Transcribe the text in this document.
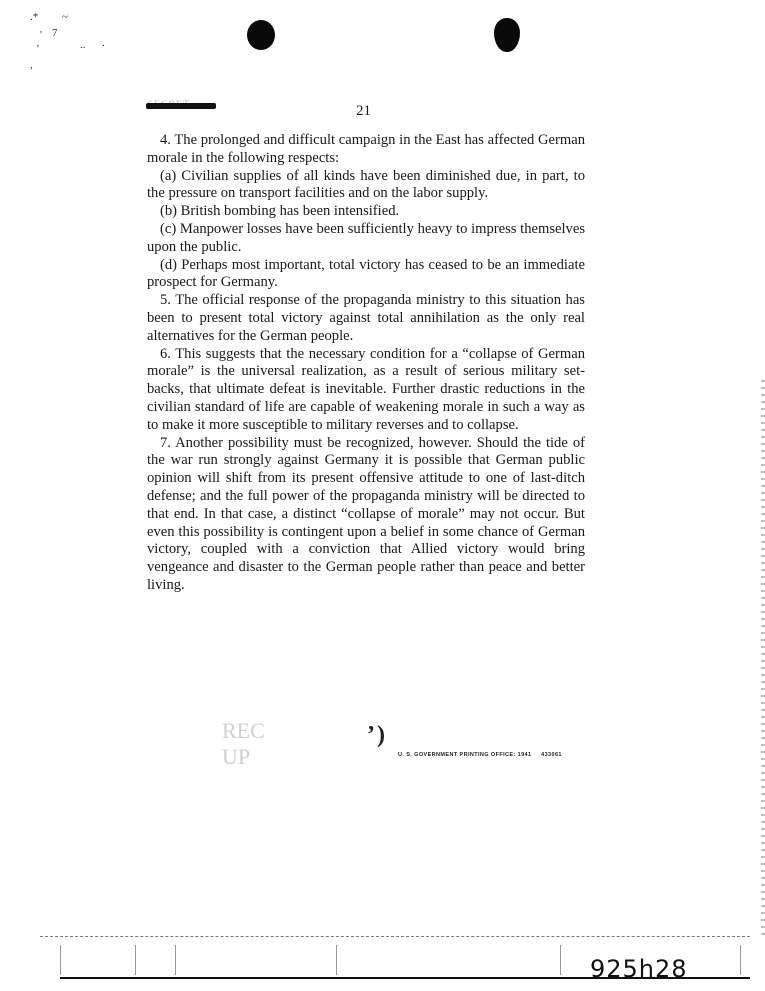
.* ~
' 7
.. .
’
,
SECRET	21

4. The prolonged and difficult campaign in the East has affected German morale in the following respects:

(a) Civilian supplies of all kinds have been diminished due, in part, to the pressure on transport facilities and on the labor supply.

(b) British bombing has been intensified.

(c) Manpower losses have been sufficiently heavy to impress themselves upon the public.

(d) Perhaps most important, total victory has ceased to be an immediate prospect for Germany.

5. The official response of the propaganda ministry to this situation has been to present total victory against total annihilation as the only real alternatives for the German people.

6. This suggests that the necessary condition for a “collapse of German morale” is the universal realization, as a result of serious military set-backs, that ultimate defeat is inevitable. Further drastic reductions in the civilian standard of life are capable of weakening morale in such a way as to make it more susceptible to military reverses and to collapse.

7. Another possibility must be recognized, however. Should the tide of the war run strongly against Germany it is possible that German public opinion will shift from its present offensive attitude to one of last-ditch defense; and the full power of the propaganda ministry will be directed to that end. In that case, a distinct “collapse of morale” may not occur. But even this possibility is contingent upon a belief in some chance of German victory, coupled with a conviction that Allied victory would bring vengeance and disaster to the German people rather than peace and better living.

REC
UP
’ )
U. S. GOVERNMENT PRINTING OFFICE: 1941 433061
925h28
